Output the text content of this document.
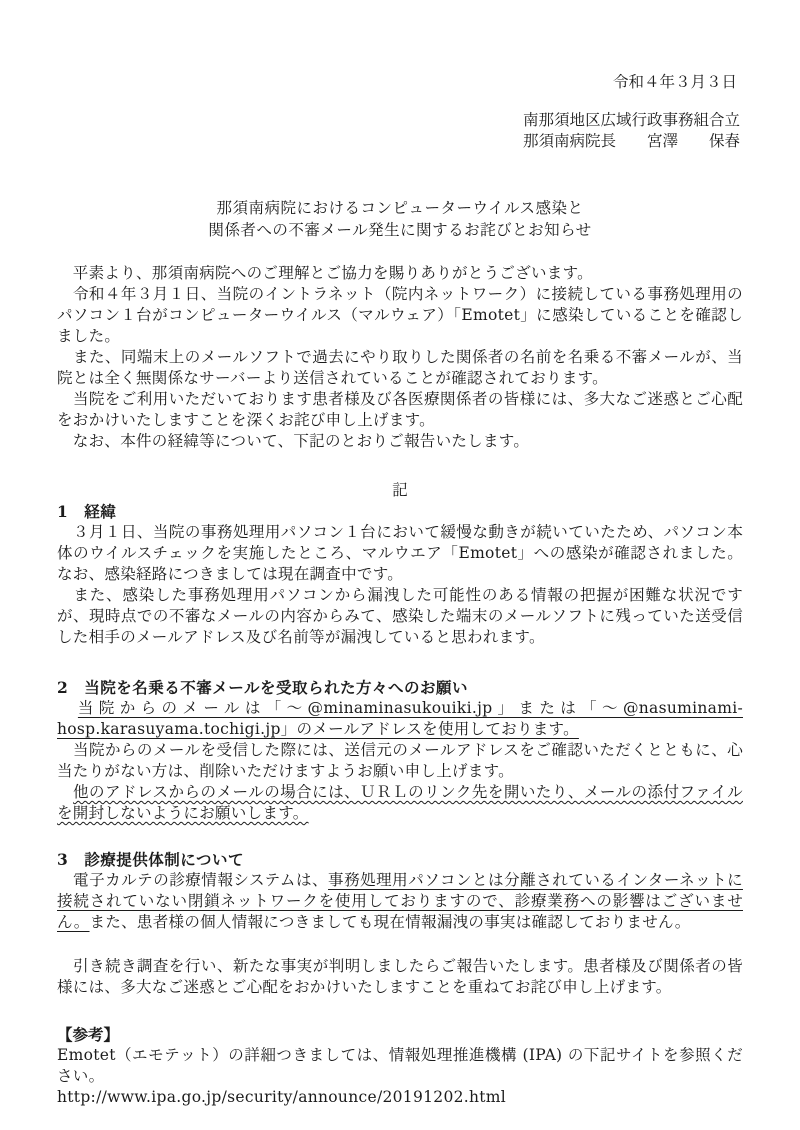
令和４年３月３日

南那須地区広域行政事務組合立

那須南病院長　　宮澤　　保春

那須南病院におけるコンピューターウイルス感染と

関係者への不審メール発生に関するお詫びとお知らせ

　平素より、那須南病院へのご理解とご協力を賜りありがとうございます。

　令和４年３月１日、当院のイントラネット（院内ネットワーク）に接続している事務処理用のパソコン１台がコンピューターウイルス（マルウェア）「Emotet」に感染していることを確認しました。

　また、同端末上のメールソフトで過去にやり取りした関係者の名前を名乗る不審メールが、当院とは全く無関係なサーバーより送信されていることが確認されております。

　当院をご利用いただいております患者様及び各医療関係者の皆様には、多大なご迷惑とご心配をおかけいたしますことを深くお詫び申し上げます。

　なお、本件の経緯等について、下記のとおりご報告いたします。

記

1　経緯

　３月１日、当院の事務処理用パソコン１台において緩慢な動きが続いていたため、パソコン本体のウイルスチェックを実施したところ、マルウエア「Emotet」への感染が確認されました。なお、感染経路につきましては現在調査中です。

　また、感染した事務処理用パソコンから漏洩した可能性のある情報の把握が困難な状況ですが、現時点での不審なメールの内容からみて、感染した端末のメールソフトに残っていた送受信した相手のメールアドレス及び名前等が漏洩していると思われます。

2　当院を名乗る不審メールを受取られた方々へのお願い

　当院からのメールは「～@minaminasukouiki.jp」または「～@nasuminami-hosp.karasuyama.tochigi.jp」のメールアドレスを使用しております。

　当院からのメールを受信した際には、送信元のメールアドレスをご確認いただくとともに、心当たりがない方は、削除いただけますようお願い申し上げます。

　他のアドレスからのメールの場合には、ＵＲＬのリンク先を開いたり、メールの添付ファイルを開封しないようにお願いします。

3　診療提供体制について

　電子カルテの診療情報システムは、事務処理用パソコンとは分離されているインターネットに接続されていない閉鎖ネットワークを使用しておりますので、診療業務への影響はございません。また、患者様の個人情報につきましても現在情報漏洩の事実は確認しておりません。

　引き続き調査を行い、新たな事実が判明しましたらご報告いたします。患者様及び関係者の皆様には、多大なご迷惑とご心配をおかけいたしますことを重ねてお詫び申し上げます。

【参考】

Emotet（エモテット）の詳細つきましては、情報処理推進機構 (IPA) の下記サイトを参照ください。

http://www.ipa.go.jp/security/announce/20191202.html
